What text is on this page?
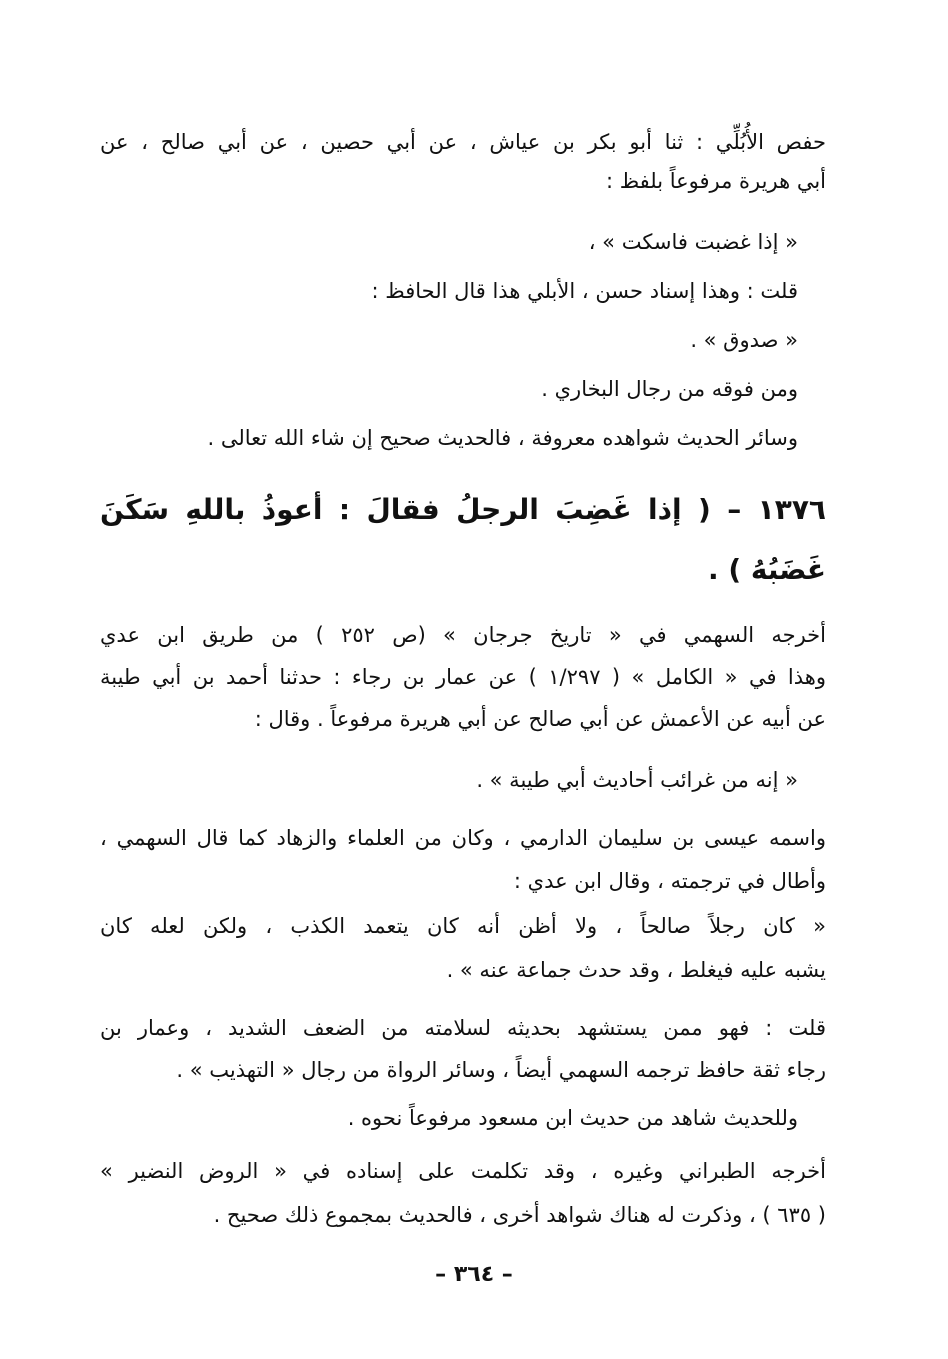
حفص الأُبُلِّي : ثنا أبو بكر بن عياش ، عن أبي حصين ، عن أبي صالح ، عن
أبي هريرة مرفوعاً بلفظ :
« إذا غضبت فاسكت » ،
قلت : وهذا إسناد حسن ، الأبلي هذا قال الحافظ :
« صدوق » .
ومن فوقه من رجال البخاري .
وسائر الحديث شواهده معروفة ، فالحديث صحيح إن شاء الله تعالى .
١٣٧٦ – ( إذا غَضِبَ الرجلُ فقالَ : أعوذُ باللهِ سَكَنَ
غَضَبُهُ ) .
أخرجه السهمي في « تاريخ جرجان » (ص ٢٥٢ ) من طريق ابن عدي
وهذا في « الكامل » ( ١/٢٩٧ ) عن عمار بن رجاء : حدثنا أحمد بن أبي طيبة
عن أبيه عن الأعمش عن أبي صالح عن أبي هريرة مرفوعاً . وقال :
« إنه من غرائب أحاديث أبي طيبة » .
واسمه عيسى بن سليمان الدارمي ، وكان من العلماء والزهاد كما قال السهمي ،
وأطال في ترجمته ، وقال ابن عدي :
« كان رجلاً صالحاً ، ولا أظن أنه كان يتعمد الكذب ، ولكن لعله كان
يشبه عليه فيغلط ، وقد حدث جماعة عنه » .
قلت : فهو ممن يستشهد بحديثه لسلامته من الضعف الشديد ، وعمار بن
رجاء ثقة حافظ ترجمه السهمي أيضاً ، وسائر الرواة من رجال « التهذيب » .
وللحديث شاهد من حديث ابن مسعود مرفوعاً نحوه .
أخرجه الطبراني وغيره ، وقد تكلمت على إسناده في « الروض النضير »
( ٦٣٥ ) ، وذكرت له هناك شواهد أخرى ، فالحديث بمجموع ذلك صحيح .
– ٣٦٤ –
